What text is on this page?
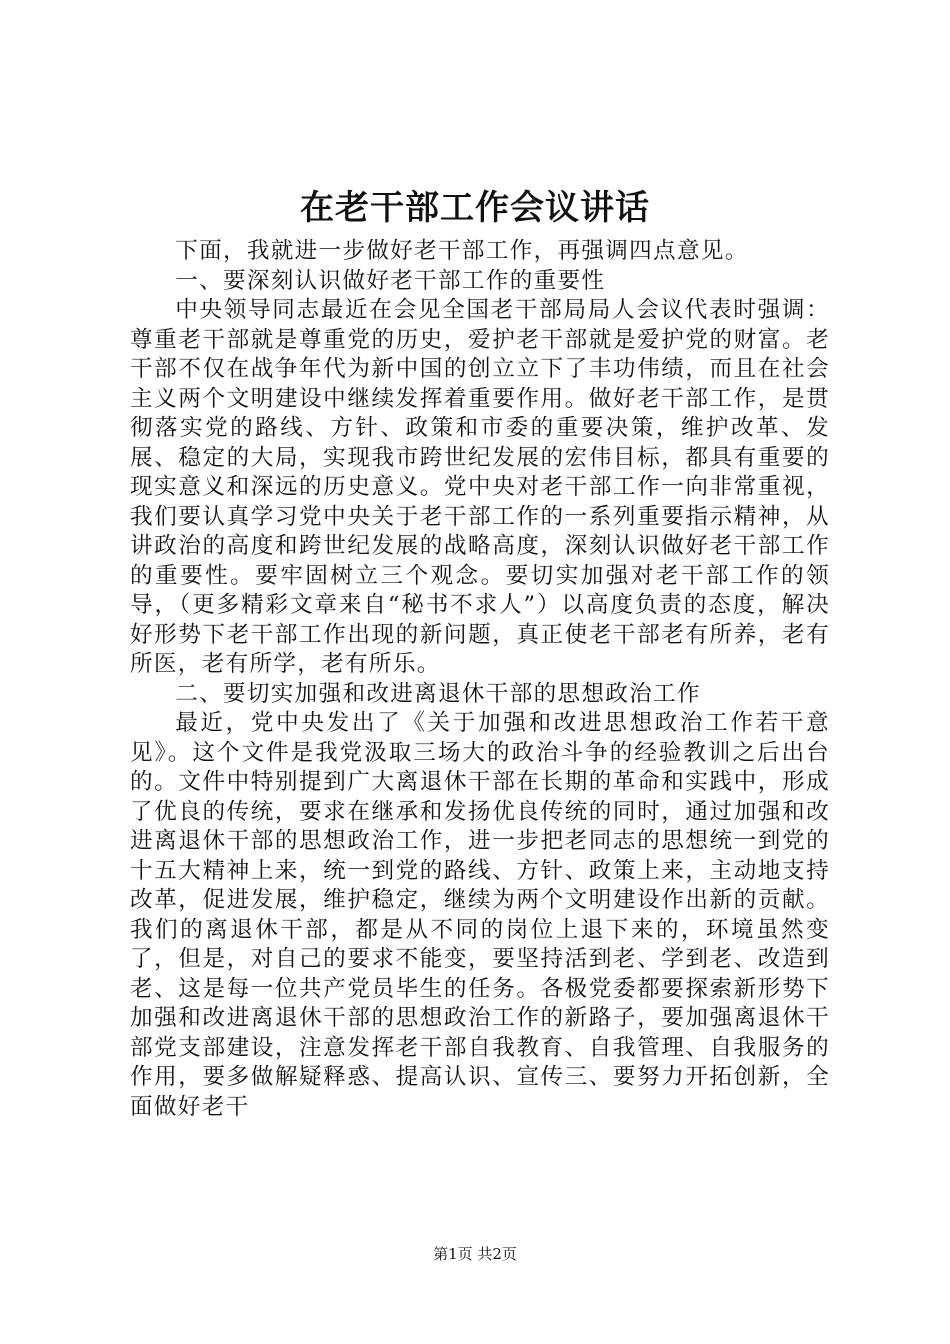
在老干部工作会议讲话

下面，我就进一步做好老干部工作，再强调四点意见。

一、要深刻认识做好老干部工作的重要性

中央领导同志最近在会见全国老干部局局人会议代表时强调：尊重老干部就是尊重党的历史，爱护老干部就是爱护党的财富。老干部不仅在战争年代为新中国的创立立下了丰功伟绩，而且在社会主义两个文明建设中继续发挥着重要作用。做好老干部工作，是贯彻落实党的路线、方针、政策和市委的重要决策，维护改革、发展、稳定的大局，实现我市跨世纪发展的宏伟目标，都具有重要的现实意义和深远的历史意义。党中央对老干部工作一向非常重视，我们要认真学习党中央关于老干部工作的一系列重要指示精神，从讲政治的高度和跨世纪发展的战略高度，深刻认识做好老干部工作的重要性。要牢固树立三个观念。要切实加强对老干部工作的领导，（更多精彩文章来自“秘书不求人”）以高度负责的态度，解决好形势下老干部工作出现的新问题，真正使老干部老有所养，老有所医，老有所学，老有所乐。

二、要切实加强和改进离退休干部的思想政治工作

最近，党中央发出了《关于加强和改进思想政治工作若干意见》。这个文件是我党汲取三场大的政治斗争的经验教训之后出台的。文件中特别提到广大离退休干部在长期的革命和实践中，形成了优良的传统，要求在继承和发扬优良传统的同时，通过加强和改进离退休干部的思想政治工作，进一步把老同志的思想统一到党的十五大精神上来，统一到党的路线、方针、政策上来，主动地支持改革，促进发展，维护稳定，继续为两个文明建设作出新的贡献。我们的离退休干部，都是从不同的岗位上退下来的，环境虽然变了，但是，对自己的要求不能变，要坚持活到老、学到老、改造到老、这是每一位共产党员毕生的任务。各极党委都要探索新形势下加强和改进离退休干部的思想政治工作的新路子，要加强离退休干部党支部建设，注意发挥老干部自我教育、自我管理、自我服务的作用，要多做解疑释惑、提高认识、宣传三、要努力开拓创新，全面做好老干

第1页 共2页
